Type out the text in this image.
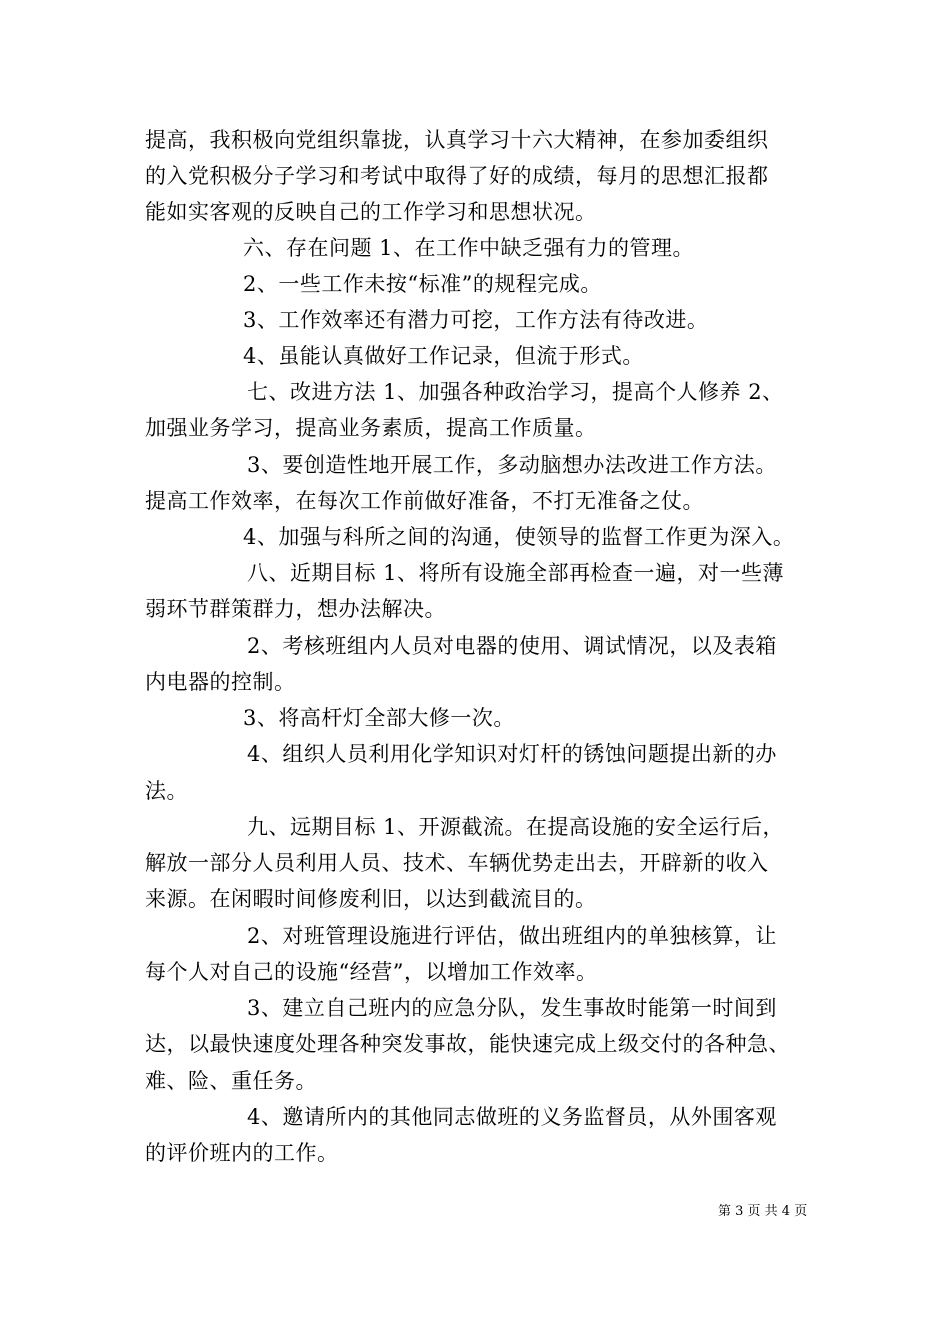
提高，我积极向党组织靠拢，认真学习十六大精神，在参加委组织
的入党积极分子学习和考试中取得了好的成绩，每月的思想汇报都
能如实客观的反映自己的工作学习和思想状况。
六、存在问题 1、在工作中缺乏强有力的管理。
2、一些工作未按“标准”的规程完成。
3、工作效率还有潜力可挖，工作方法有待改进。
4、虽能认真做好工作记录，但流于形式。
七、改进方法 1、加强各种政治学习，提高个人修养 2、
加强业务学习，提高业务素质，提高工作质量。
3、要创造性地开展工作，多动脑想办法改进工作方法。
提高工作效率，在每次工作前做好准备，不打无准备之仗。
4、加强与科所之间的沟通，使领导的监督工作更为深入。
八、近期目标 1、将所有设施全部再检查一遍，对一些薄
弱环节群策群力，想办法解决。
2、考核班组内人员对电器的使用、调试情况，以及表箱
内电器的控制。
3、将高杆灯全部大修一次。
4、组织人员利用化学知识对灯杆的锈蚀问题提出新的办
法。
九、远期目标 1、开源截流。在提高设施的安全运行后，
解放一部分人员利用人员、技术、车辆优势走出去，开辟新的收入
来源。在闲暇时间修废利旧，以达到截流目的。
2、对班管理设施进行评估，做出班组内的单独核算，让
每个人对自己的设施“经营”，以增加工作效率。
3、建立自己班内的应急分队，发生事故时能第一时间到
达，以最快速度处理各种突发事故，能快速完成上级交付的各种急、
难、险、重任务。
4、邀请所内的其他同志做班的义务监督员，从外围客观
的评价班内的工作。
第 3 页 共 4 页
